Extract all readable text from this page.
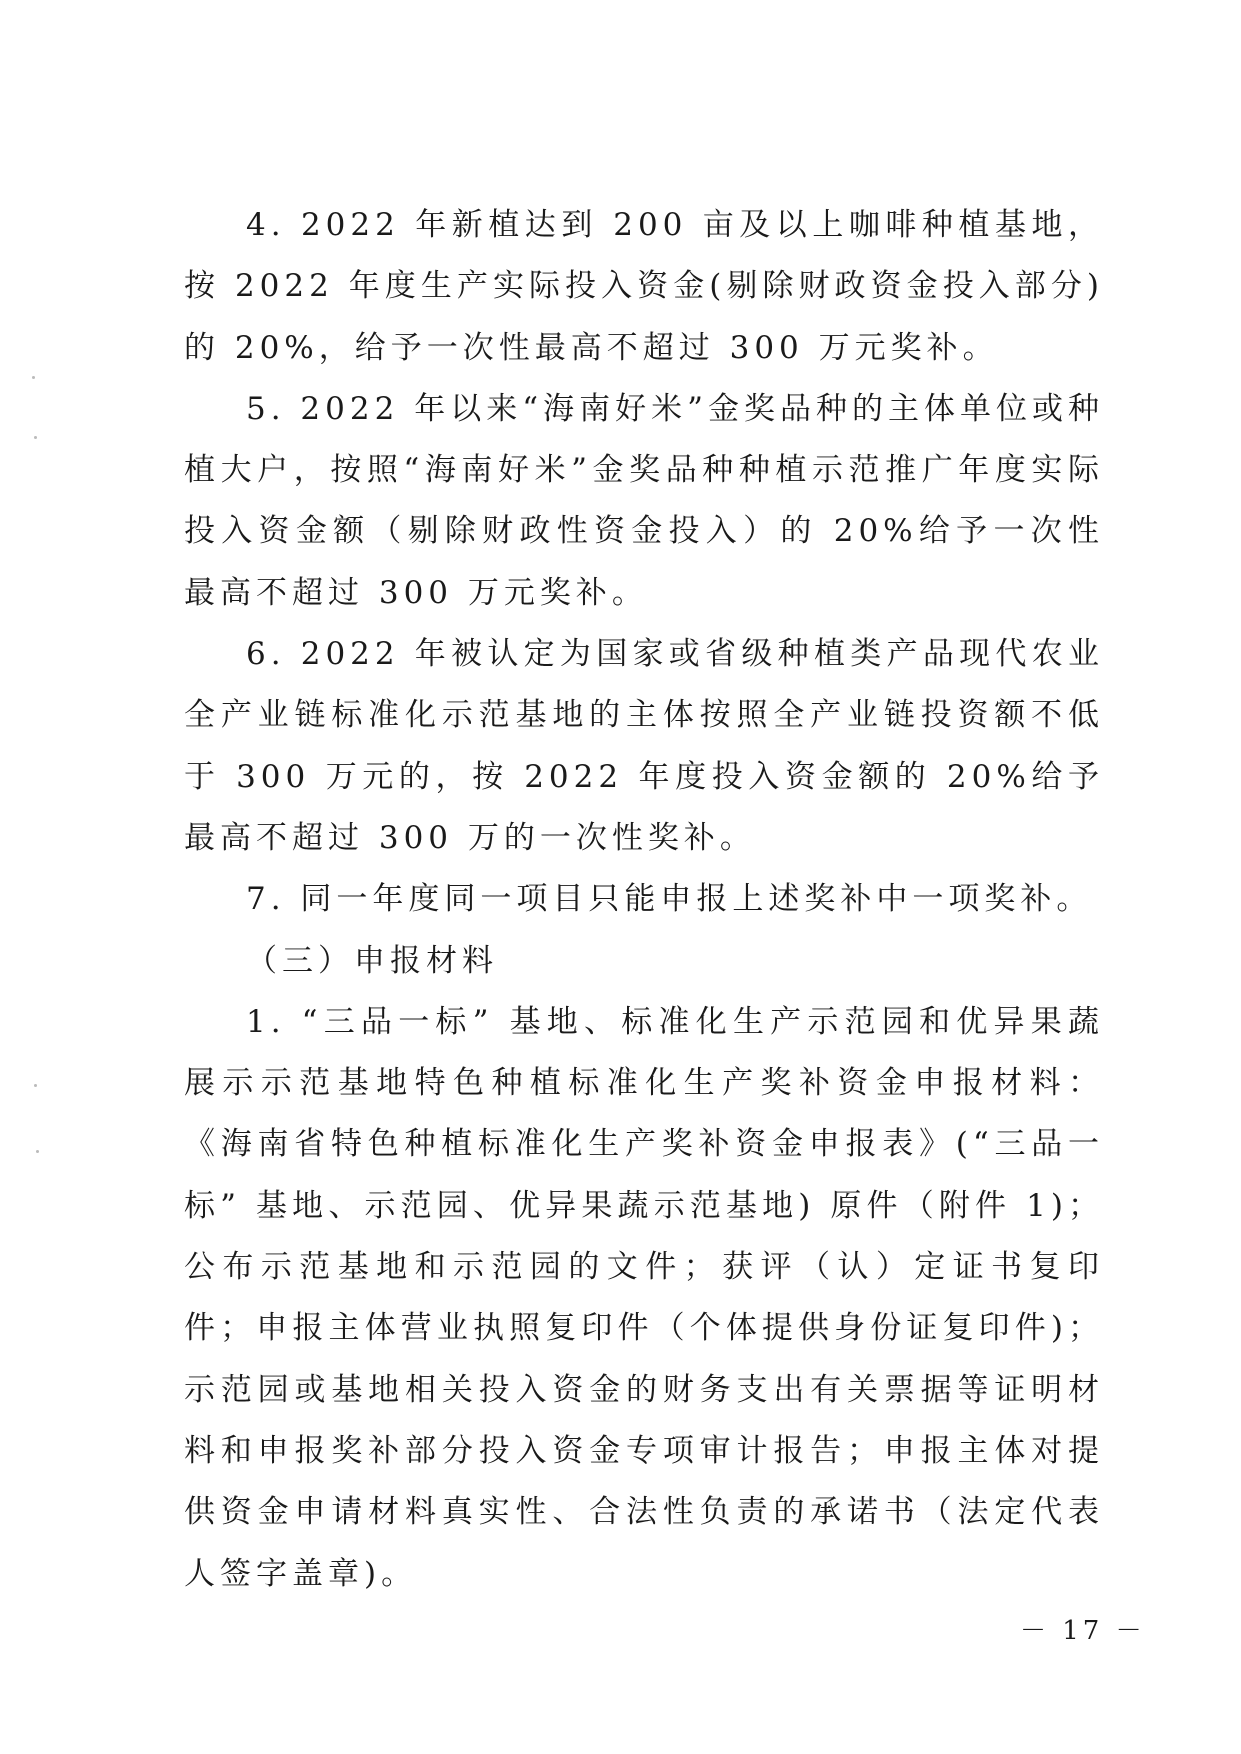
4. 2022 年新植达到 200 亩及以上咖啡种植基地，按 2022 年度生产实际投入资金(剔除财政资金投入部分)的 20%，给予一次性最高不超过 300 万元奖补。

5. 2022 年以来“海南好米”金奖品种的主体单位或种植大户，按照“海南好米”金奖品种种植示范推广年度实际投入资金额（剔除财政性资金投入）的 20%给予一次性最高不超过 300 万元奖补。

6. 2022 年被认定为国家或省级种植类产品现代农业全产业链标准化示范基地的主体按照全产业链投资额不低于 300 万元的，按 2022 年度投入资金额的 20%给予最高不超过 300 万的一次性奖补。

7. 同一年度同一项目只能申报上述奖补中一项奖补。

（三）申报材料

1. “三品一标” 基地、标准化生产示范园和优异果蔬展示示范基地特色种植标准化生产奖补资金申报材料：《海南省特色种植标准化生产奖补资金申报表》(“三品一标” 基地、示范园、优异果蔬示范基地) 原件（附件 1)；公布示范基地和示范园的文件；获评（认）定证书复印件；申报主体营业执照复印件（个体提供身份证复印件)；示范园或基地相关投入资金的财务支出有关票据等证明材料和申报奖补部分投入资金专项审计报告；申报主体对提供资金申请材料真实性、合法性负责的承诺书（法定代表人签字盖章)。

－ 17 －
